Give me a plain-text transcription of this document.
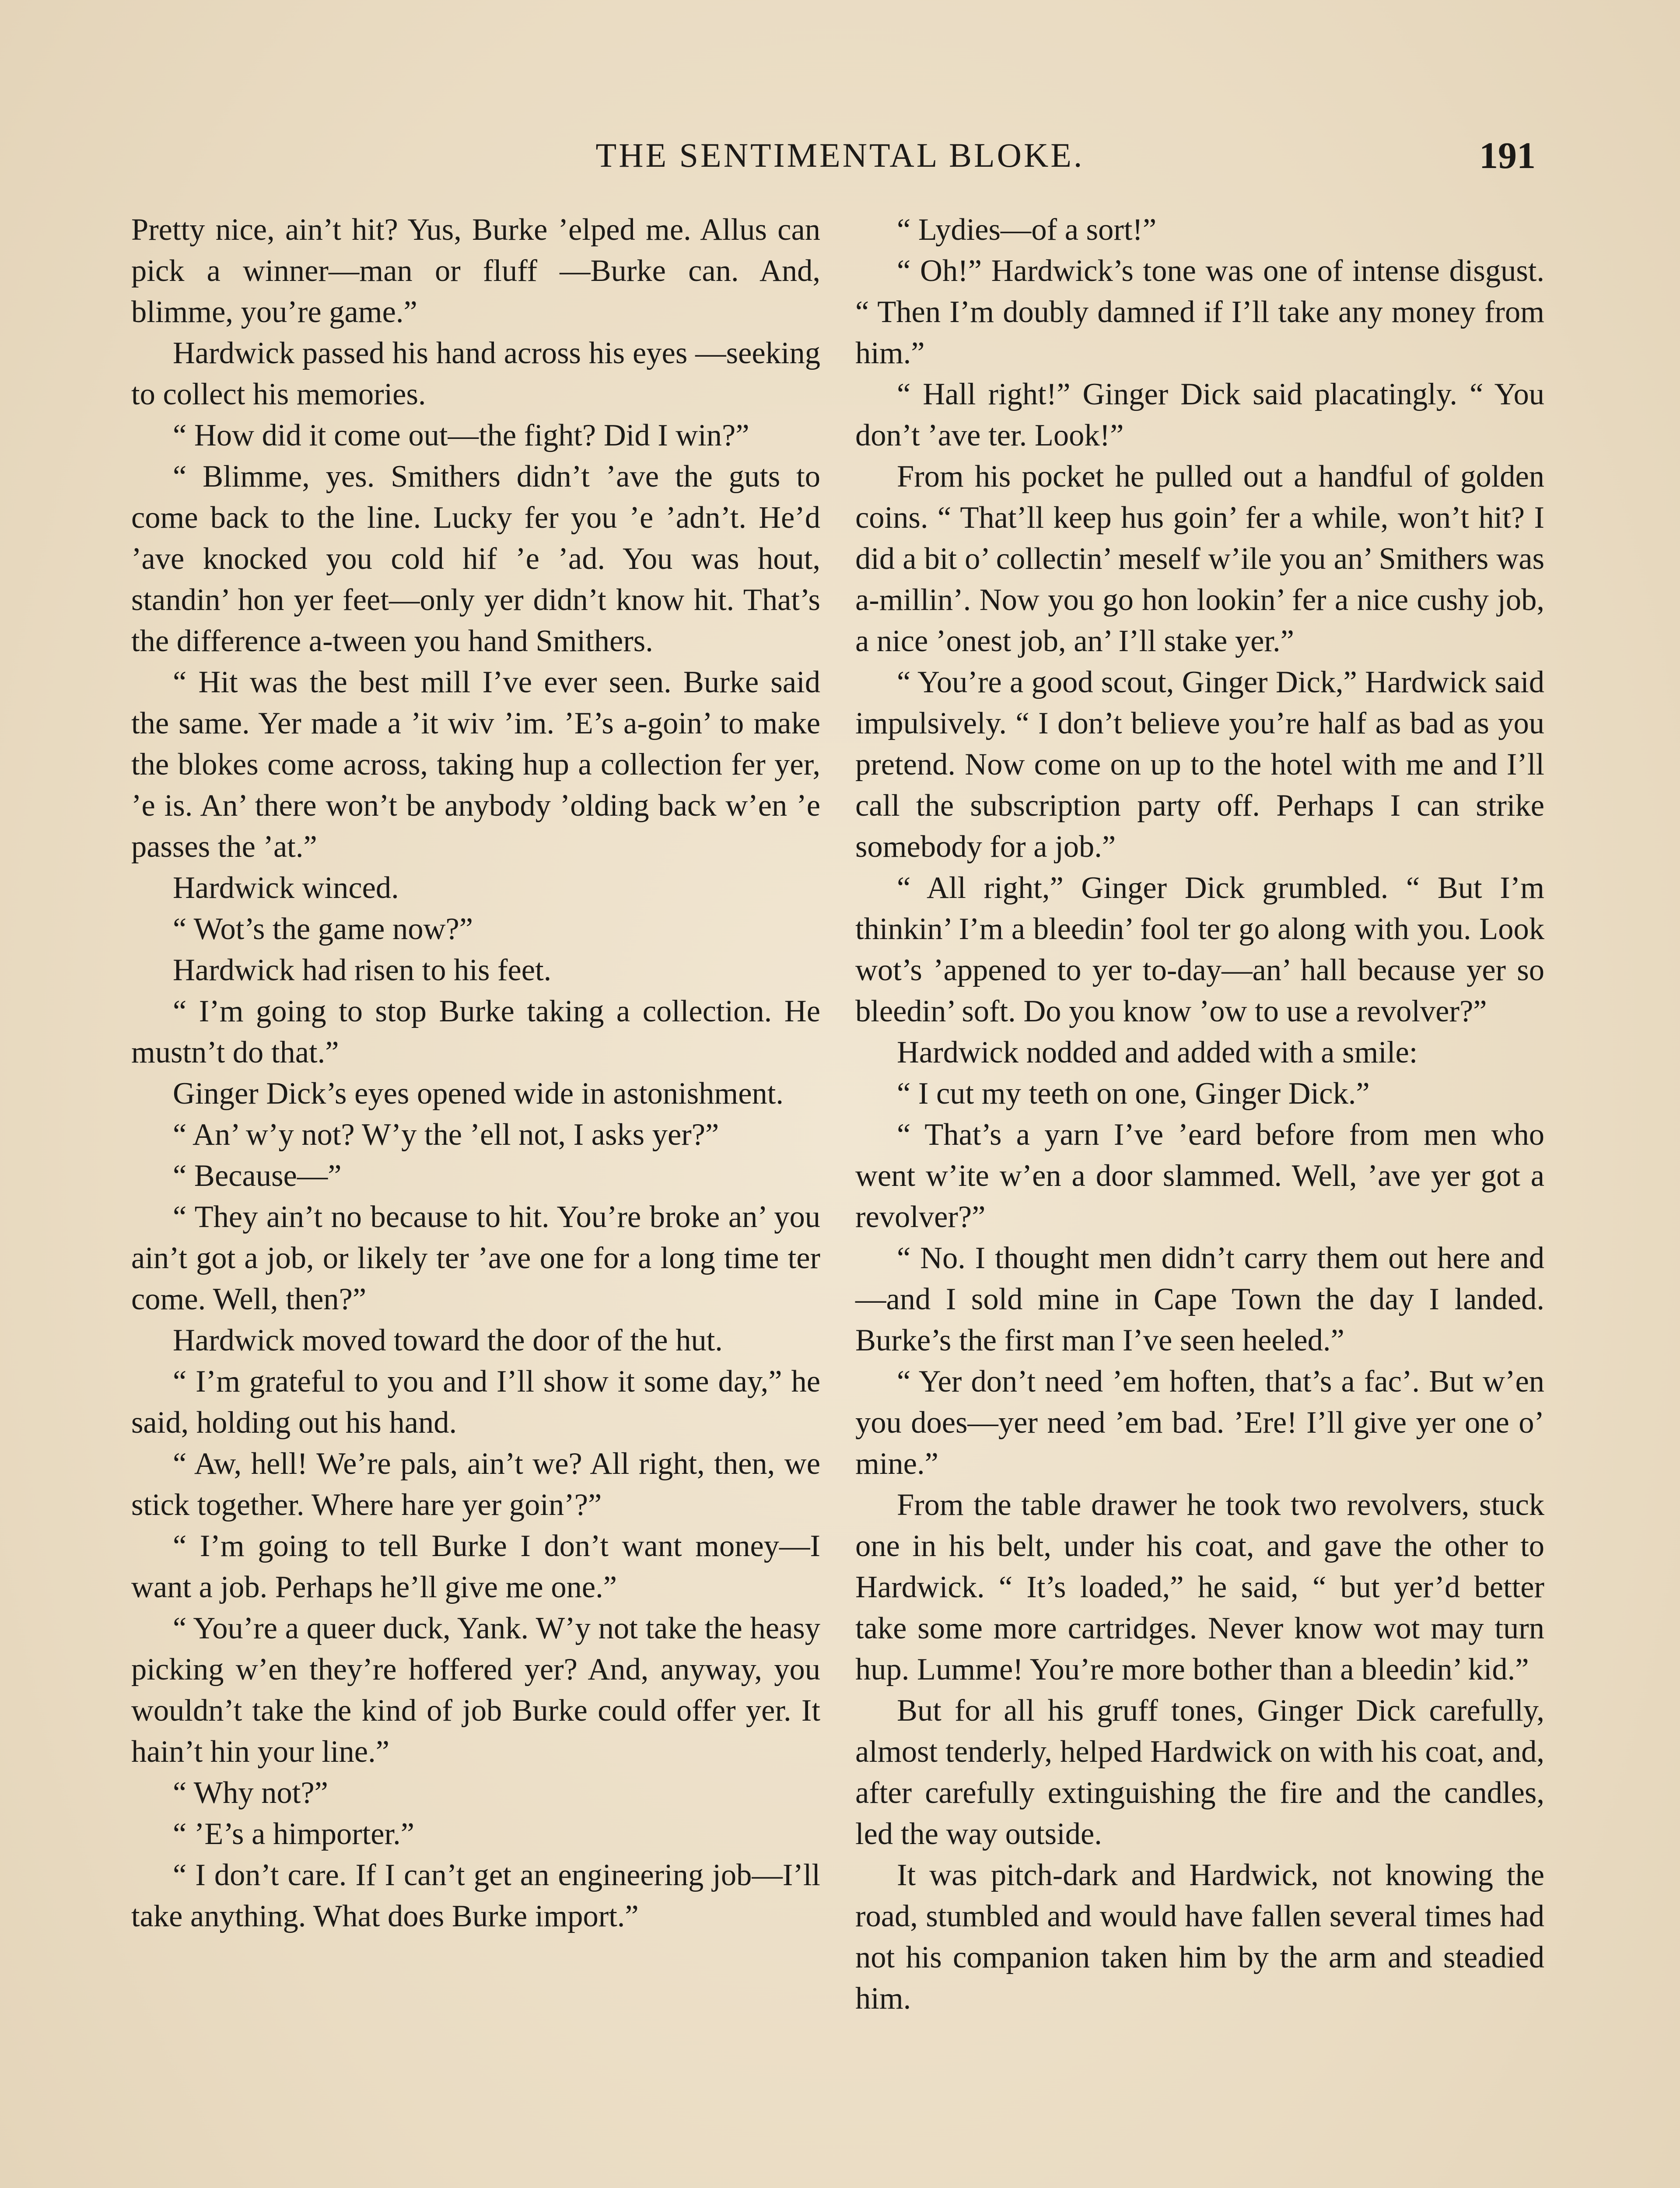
THE SENTIMENTAL BLOKE.	191

Pretty nice, ain’t hit? Yus, Burke ’elped me. Allus can pick a winner—man or fluff —Burke can. And, blimme, you’re game.”

Hardwick passed his hand across his eyes —seeking to collect his memories.

“ How did it come out—the fight? Did I win?”

“ Blimme, yes. Smithers didn’t ’ave the guts to come back to the line. Lucky fer you ’e ’adn’t. He’d ’ave knocked you cold hif ’e ’ad. You was hout, standin’ hon yer feet—only yer didn’t know hit. That’s the difference a-tween you hand Smithers.

“ Hit was the best mill I’ve ever seen. Burke said the same. Yer made a ’it wiv ’im. ’E’s a-goin’ to make the blokes come across, taking hup a collection fer yer, ’e is. An’ there won’t be anybody ’olding back w’en ’e passes the ’at.”

Hardwick winced.

“ Wot’s the game now?”

Hardwick had risen to his feet.

“ I’m going to stop Burke taking a collection. He mustn’t do that.”

Ginger Dick’s eyes opened wide in astonishment.

“ An’ w’y not? W’y the ’ell not, I asks yer?”

“ Because—”

“ They ain’t no because to hit. You’re broke an’ you ain’t got a job, or likely ter ’ave one for a long time ter come. Well, then?”

Hardwick moved toward the door of the hut.

“ I’m grateful to you and I’ll show it some day,” he said, holding out his hand.

“ Aw, hell! We’re pals, ain’t we? All right, then, we stick together. Where hare yer goin’?”

“ I’m going to tell Burke I don’t want money—I want a job. Perhaps he’ll give me one.”

“ You’re a queer duck, Yank. W’y not take the heasy picking w’en they’re hoffered yer? And, anyway, you wouldn’t take the kind of job Burke could offer yer. It hain’t hin your line.”

“ Why not?”

“ ’E’s a himporter.”

“ I don’t care. If I can’t get an engineering job—I’ll take anything. What does Burke import.”

“ Lydies—of a sort!”

“ Oh!” Hardwick’s tone was one of intense disgust. “ Then I’m doubly damned if I’ll take any money from him.”

“ Hall right!” Ginger Dick said placatingly. “ You don’t ’ave ter. Look!”

From his pocket he pulled out a handful of golden coins. “ That’ll keep hus goin’ fer a while, won’t hit? I did a bit o’ collectin’ meself w’ile you an’ Smithers was a-millin’. Now you go hon lookin’ fer a nice cushy job, a nice ’onest job, an’ I’ll stake yer.”

“ You’re a good scout, Ginger Dick,” Hardwick said impulsively. “ I don’t believe you’re half as bad as you pretend. Now come on up to the hotel with me and I’ll call the subscription party off. Perhaps I can strike somebody for a job.”

“ All right,” Ginger Dick grumbled. “ But I’m thinkin’ I’m a bleedin’ fool ter go along with you. Look wot’s ’appened to yer to-day—an’ hall because yer so bleedin’ soft. Do you know ’ow to use a revolver?”

Hardwick nodded and added with a smile:

“ I cut my teeth on one, Ginger Dick.”

“ That’s a yarn I’ve ’eard before from men who went w’ite w’en a door slammed. Well, ’ave yer got a revolver?”

“ No. I thought men didn’t carry them out here and—and I sold mine in Cape Town the day I landed. Burke’s the first man I’ve seen heeled.”

“ Yer don’t need ’em hoften, that’s a fac’. But w’en you does—yer need ’em bad. ’Ere! I’ll give yer one o’ mine.”

From the table drawer he took two revolvers, stuck one in his belt, under his coat, and gave the other to Hardwick. “ It’s loaded,” he said, “ but yer’d better take some more cartridges. Never know wot may turn hup. Lumme! You’re more bother than a bleedin’ kid.”

But for all his gruff tones, Ginger Dick carefully, almost tenderly, helped Hardwick on with his coat, and, after carefully extinguishing the fire and the candles, led the way outside.

It was pitch-dark and Hardwick, not knowing the road, stumbled and would have fallen several times had not his companion taken him by the arm and steadied him.
